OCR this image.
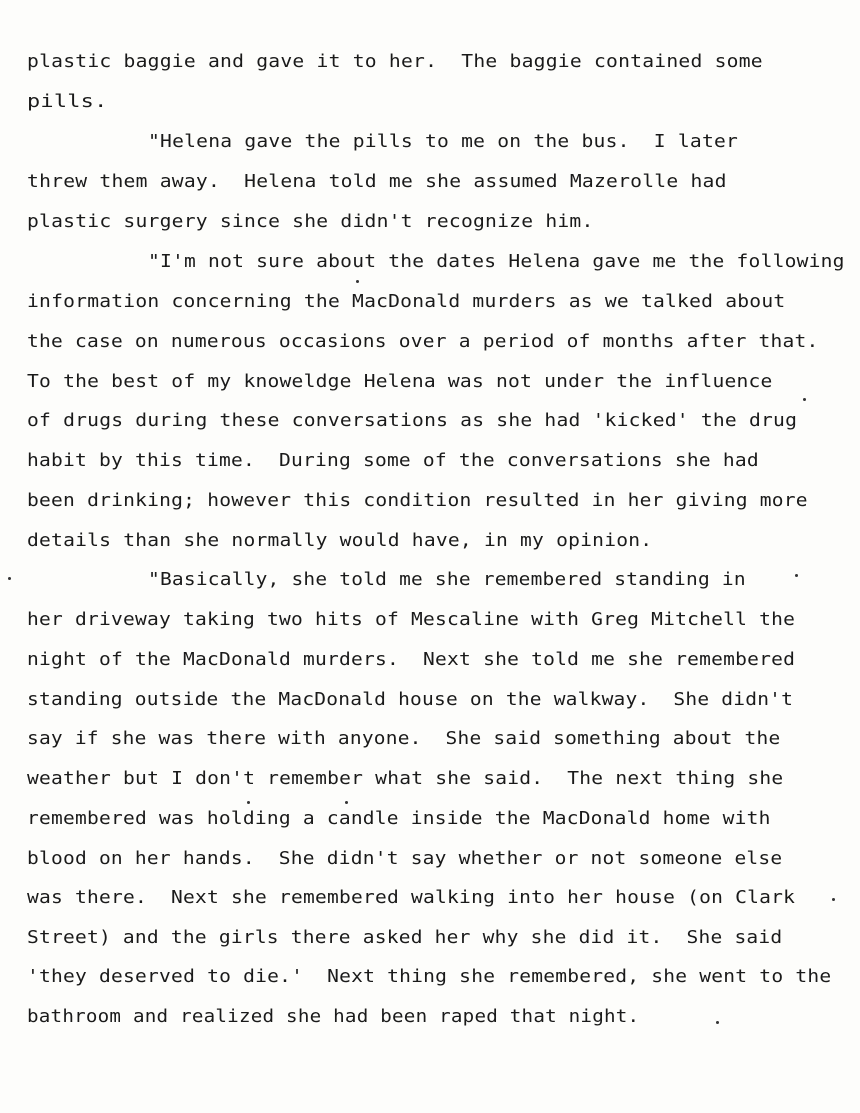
plastic baggie and gave it to her.  The baggie contained some
pills.
"Helena gave the pills to me on the bus.  I later
threw them away.  Helena told me she assumed Mazerolle had
plastic surgery since she didn't recognize him.
"I'm not sure about the dates Helena gave me the following
information concerning the MacDonald murders as we talked about
the case on numerous occasions over a period of months after that.
To the best of my knoweldge Helena was not under the influence
of drugs during these conversations as she had 'kicked' the drug
habit by this time.  During some of the conversations she had
been drinking; however this condition resulted in her giving more
details than she normally would have, in my opinion.
"Basically, she told me she remembered standing in
her driveway taking two hits of Mescaline with Greg Mitchell the
night of the MacDonald murders.  Next she told me she remembered
standing outside the MacDonald house on the walkway.  She didn't
say if she was there with anyone.  She said something about the
weather but I don't remember what she said.  The next thing she
remembered was holding a candle inside the MacDonald home with
blood on her hands.  She didn't say whether or not someone else
was there.  Next she remembered walking into her house (on Clark
Street) and the girls there asked her why she did it.  She said
'they deserved to die.'  Next thing she remembered, she went to the
bathroom and realized she had been raped that night.
